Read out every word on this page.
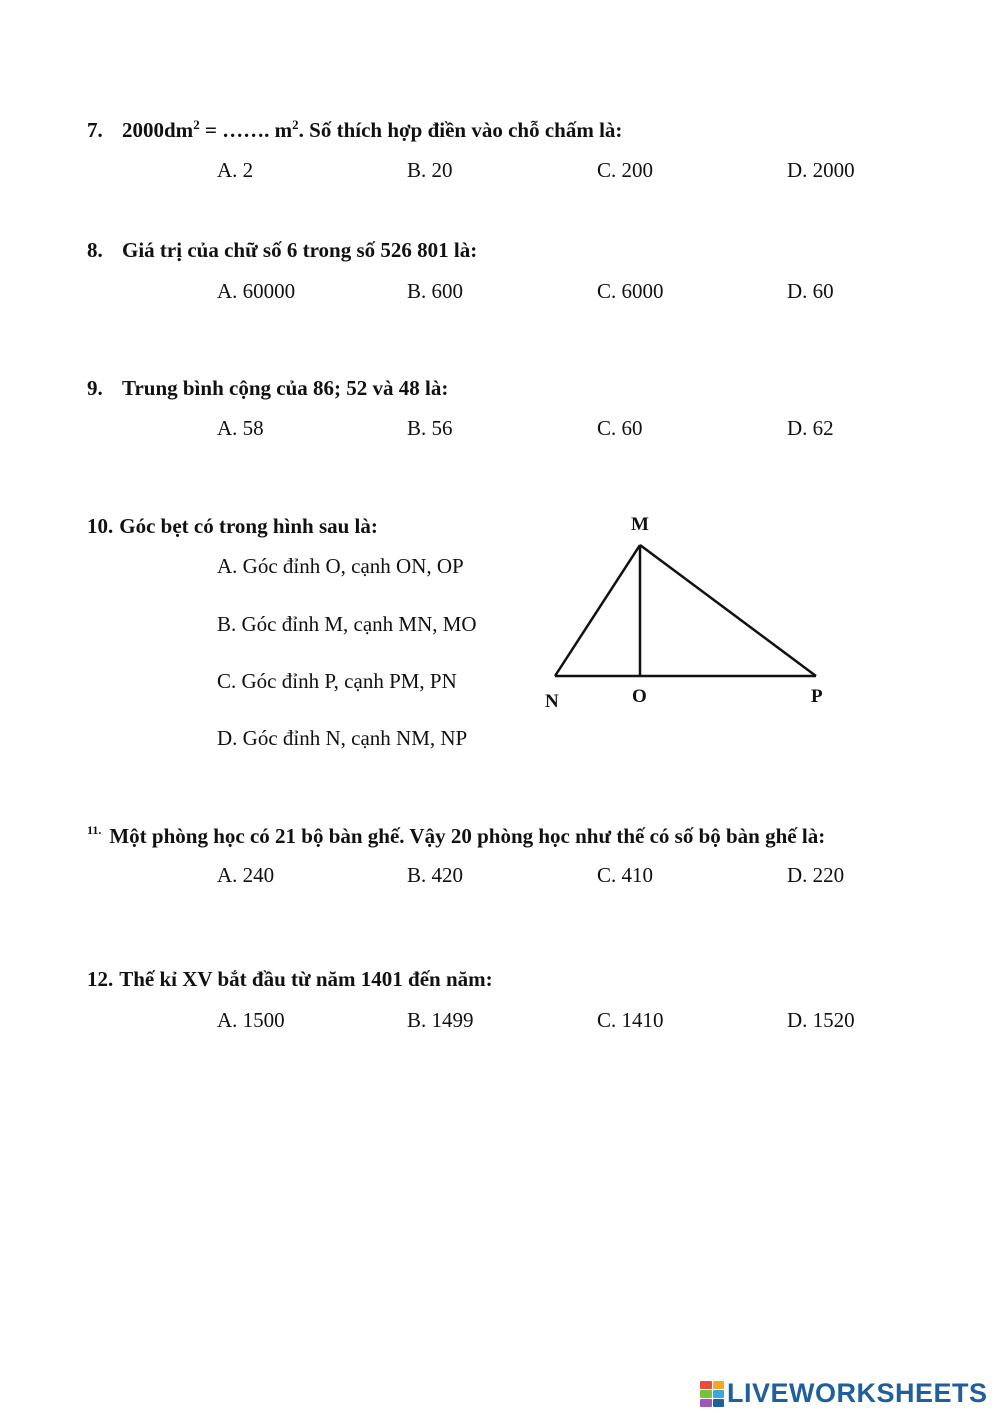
7. $2000dm^2$ = ……. $m^2$. Số thích hợp điền vào chỗ chấm là:
A. 2	B. 20	C. 200	D. 2000
8. Giá trị của chữ số 6 trong số 526 801 là:
A. 60000	B. 600	C. 6000	D. 60
9. Trung bình cộng của 86; 52 và 48 là:
A. 58	B. 56	C. 60	D. 62
10. Góc bẹt có trong hình sau là:
A. Góc đỉnh O, cạnh ON, OP
B. Góc đỉnh M, cạnh MN, MO
C. Góc đỉnh P, cạnh PM, PN
D. Góc đỉnh N, cạnh NM, NP
M
N	O	P
$^{11.}$ Một phòng học có 21 bộ bàn ghế. Vậy 20 phòng học như thế có số bộ bàn ghế là:
A. 240	B. 420	C. 410	D. 220
12. Thế kỉ XV bắt đầu từ năm 1401 đến năm:
A. 1500	B. 1499	C. 1410	D. 1520
LIVEWORKSHEETS
